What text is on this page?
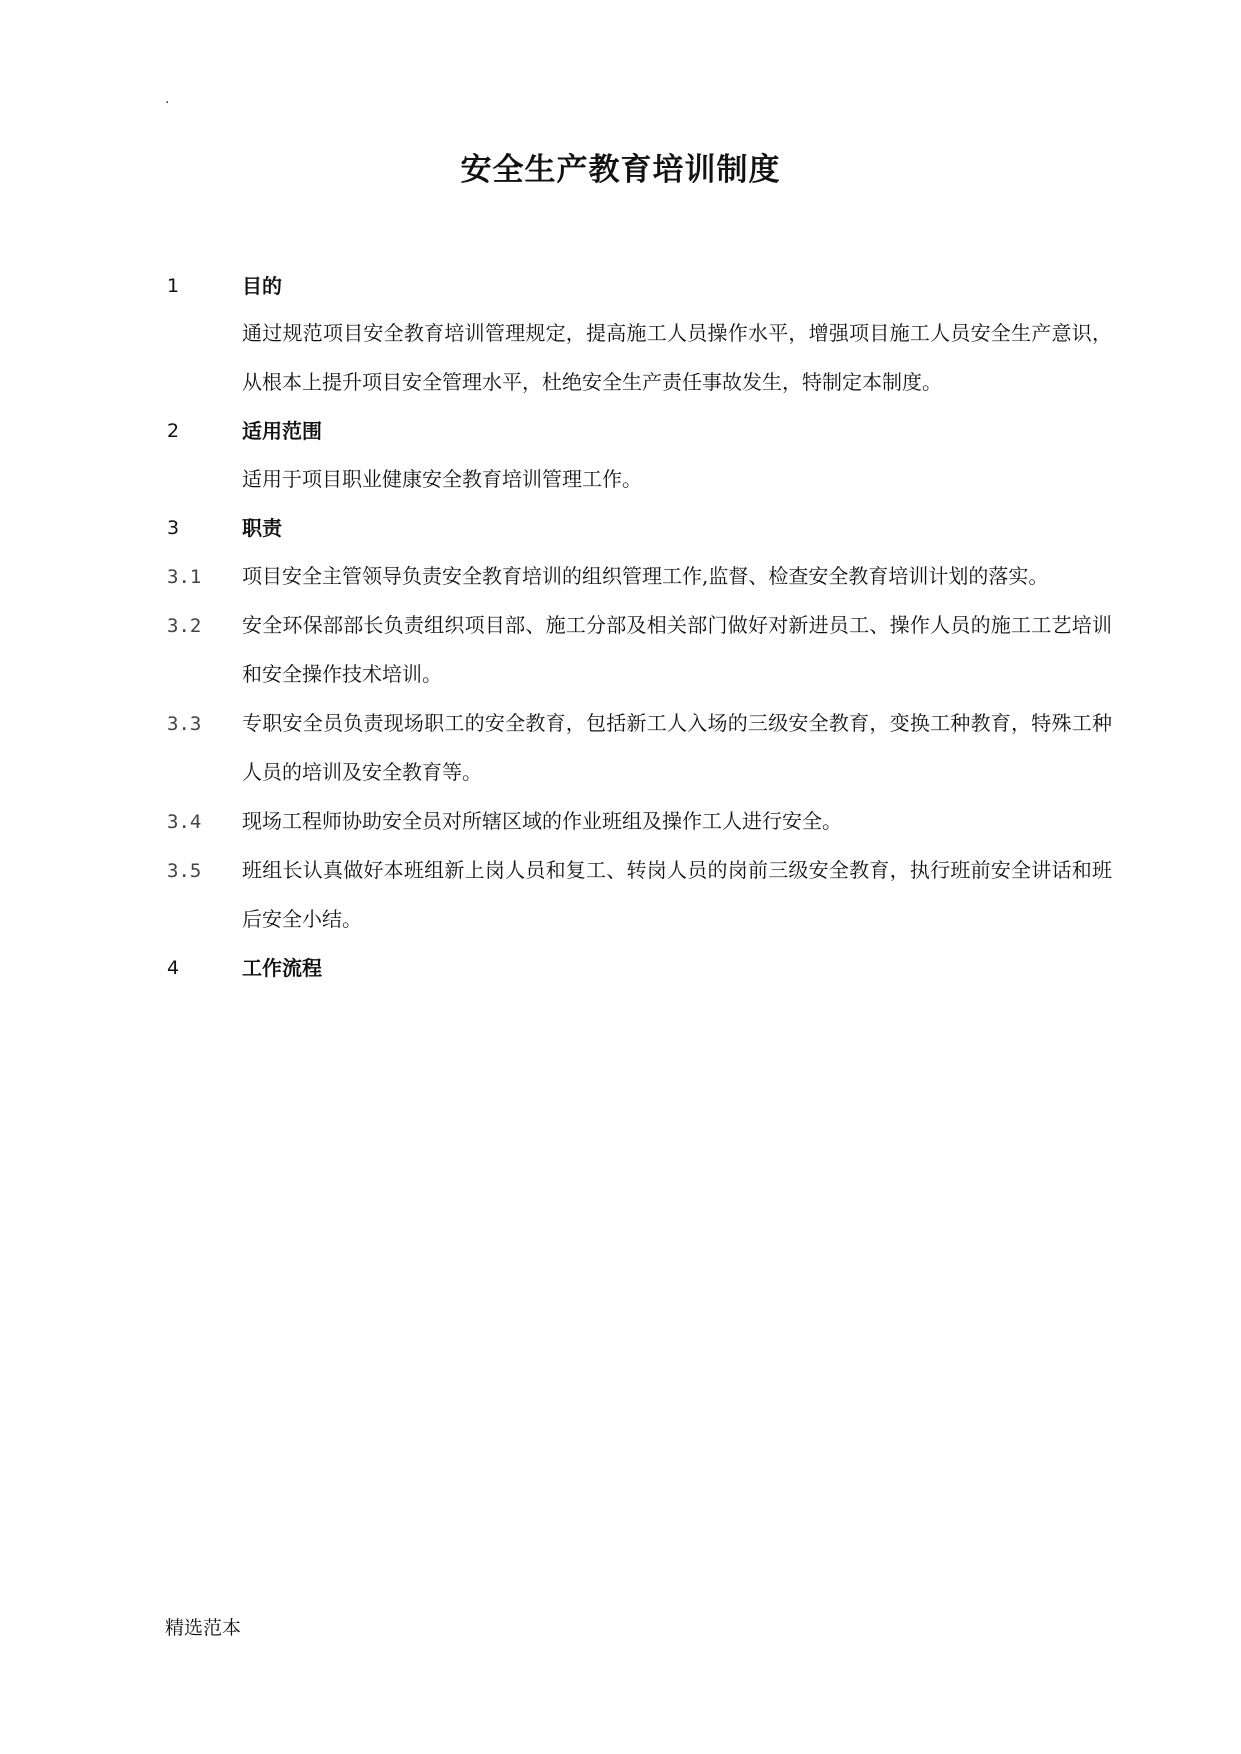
.
安全生产教育培训制度
1	目的
通过规范项目安全教育培训管理规定，提高施工人员操作水平，增强项目施工人员安全生产意识，从根本上提升项目安全管理水平，杜绝安全生产责任事故发生，特制定本制度。
2	适用范围
适用于项目职业健康安全教育培训管理工作。
3	职责
3.1 项目安全主管领导负责安全教育培训的组织管理工作,监督、检查安全教育培训计划的落实。
3.2 安全环保部部长负责组织项目部、施工分部及相关部门做好对新进员工、操作人员的施工工艺培训和安全操作技术培训。
3.3 专职安全员负责现场职工的安全教育，包括新工人入场的三级安全教育，变换工种教育，特殊工种人员的培训及安全教育等。
3.4 现场工程师协助安全员对所辖区域的作业班组及操作工人进行安全。
3.5 班组长认真做好本班组新上岗人员和复工、转岗人员的岗前三级安全教育，执行班前安全讲话和班后安全小结。
4	工作流程
精选范本
